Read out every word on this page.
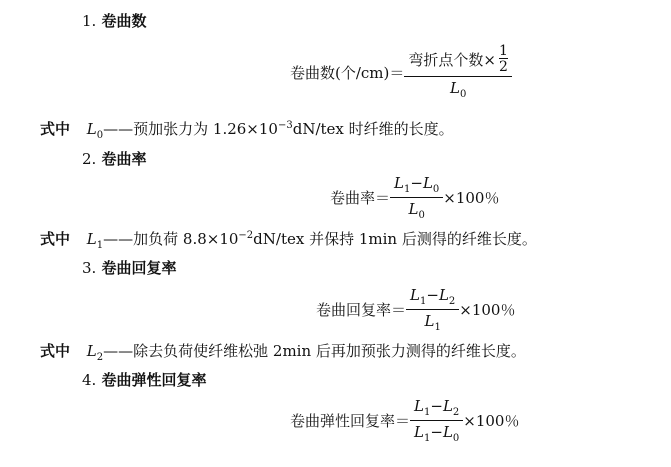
1. 卷曲数
卷曲数(个$/cm)= \frac{弯折点个数\times \frac{1}{2}}{L_0}$
式中 $L_0——$预加张力为 $1.26\times 10^{-3}dN$/tex 时纤维的长度。
2. 卷曲率
卷曲率＝ $\frac{L_1-L_0}{L_0} \times 100$％
式中 $L_1——$加负荷 $8.8\times 10^{-2}dN$/tex 并保持 1min 后测得的纤维长度。
3. 卷曲回复率
卷曲回复率＝ $\frac{L_1-L_2}{L_1} \times 100$％
式中 $L_2——$除去负荷使纤维松弛 2min 后再加预张力测得的纤维长度。
4. 卷曲弹性回复率
卷曲弹性回复率＝ $\frac{L_1-L_2}{L_1-L_0} \times 100$％
